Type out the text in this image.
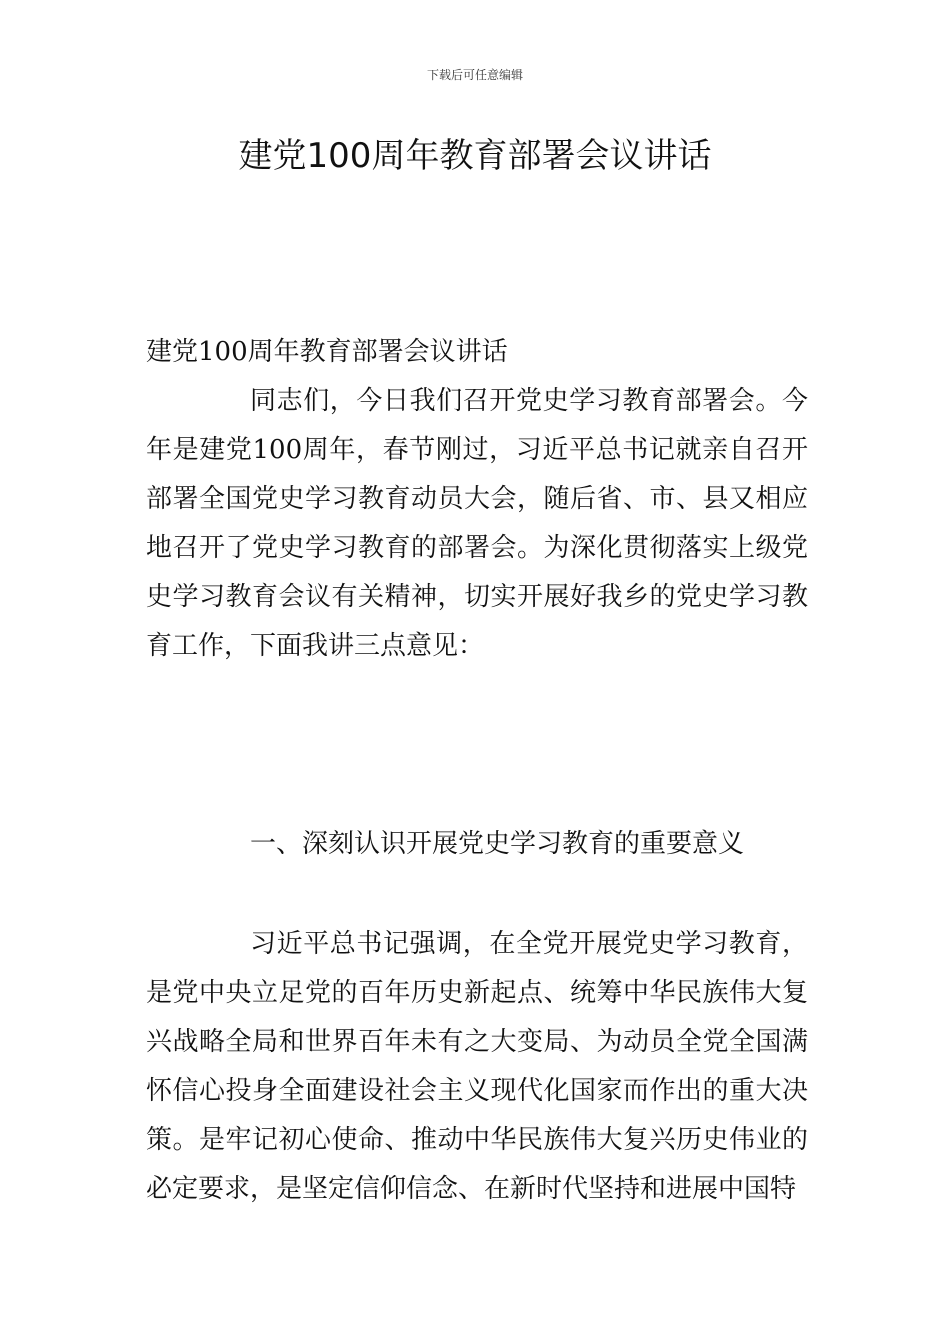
下载后可任意编辑
建党100周年教育部署会议讲话
建党100周年教育部署会议讲话
同志们，今日我们召开党史学习教育部署会。今年是建党100周年，春节刚过，习近平总书记就亲自召开部署全国党史学习教育动员大会，随后省、市、县又相应地召开了党史学习教育的部署会。为深化贯彻落实上级党史学习教育会议有关精神，切实开展好我乡的党史学习教育工作，下面我讲三点意见：
一、深刻认识开展党史学习教育的重要意义
习近平总书记强调，在全党开展党史学习教育，是党中央立足党的百年历史新起点、统筹中华民族伟大复兴战略全局和世界百年未有之大变局、为动员全党全国满怀信心投身全面建设社会主义现代化国家而作出的重大决策。是牢记初心使命、推动中华民族伟大复兴历史伟业的必定要求，是坚定信仰信念、在新时代坚持和进展中国特
